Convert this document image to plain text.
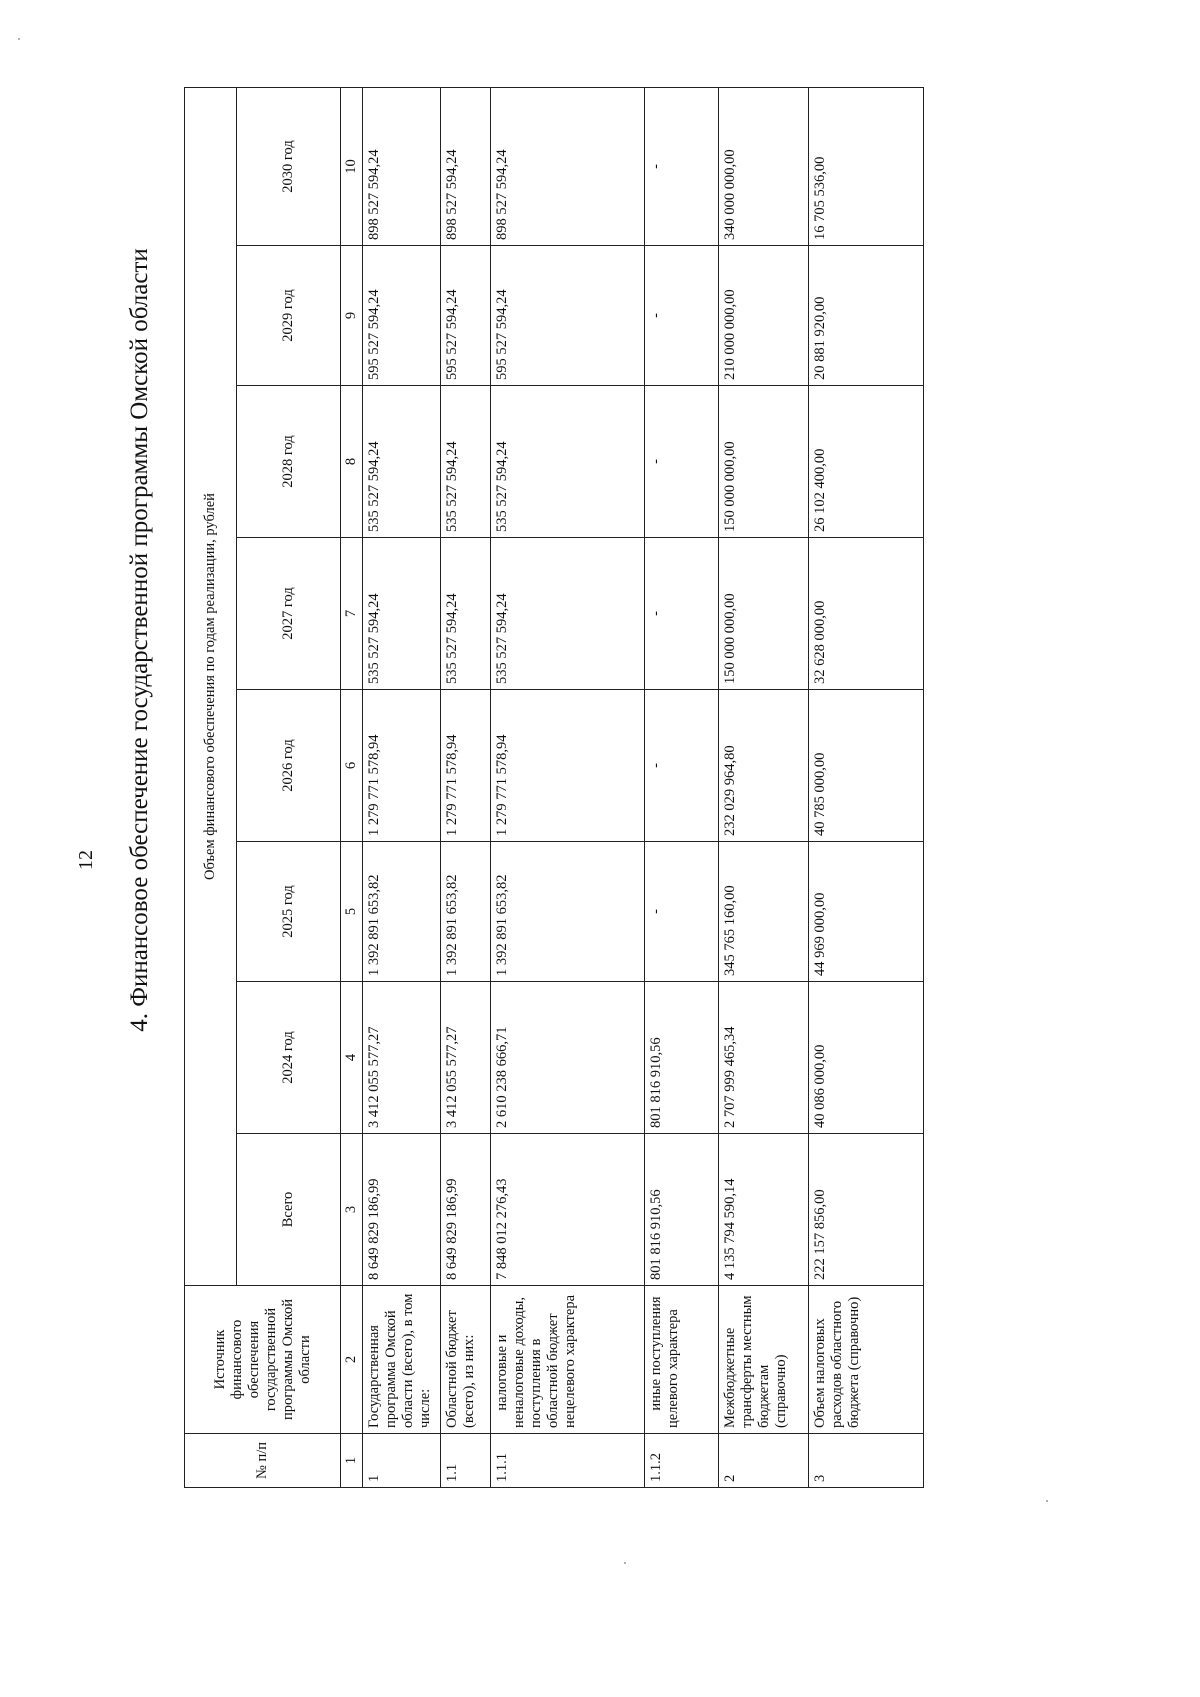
12 4. Финансовое обеспечение государственной программы Омской области
№ п/п	Источник финансового обеспечения государственной программы Омской области	Объем финансового обеспечения по годам реализации, рублей							
		Всего	2024 год	2025 год	2026 год	2027 год	2028 год	2029 год	2030 год
1	2	3	4	5	6	7	8	9	10
1	Государственная программа Омской области (всего), в том числе:	8 649 829 186,99	3 412 055 577,27	1 392 891 653,82	1 279 771 578,94	535 527 594,24	535 527 594,24	595 527 594,24	898 527 594,24
1.1	Областной бюджет (всего), из них:	8 649 829 186,99	3 412 055 577,27	1 392 891 653,82	1 279 771 578,94	535 527 594,24	535 527 594,24	595 527 594,24	898 527 594,24
1.1.1	налоговые и неналоговые доходы, поступления в областной бюджет нецелевого характера	7 848 012 276,43	2 610 238 666,71	1 392 891 653,82	1 279 771 578,94	535 527 594,24	535 527 594,24	595 527 594,24	898 527 594,24
1.1.2	иные поступления целевого характера	801 816 910,56	801 816 910,56	-	-	-	-	-	-
2	Межбюджетные трансферты местным бюджетам (справочно)	4 135 794 590,14	2 707 999 465,34	345 765 160,00	232 029 964,80	150 000 000,00	150 000 000,00	210 000 000,00	340 000 000,00
3	Объем налоговых расходов областного бюджета (справочно)	222 157 856,00	40 086 000,00	44 969 000,00	40 785 000,00	32 628 000,00	26 102 400,00	20 881 920,00	16 705 536,00
